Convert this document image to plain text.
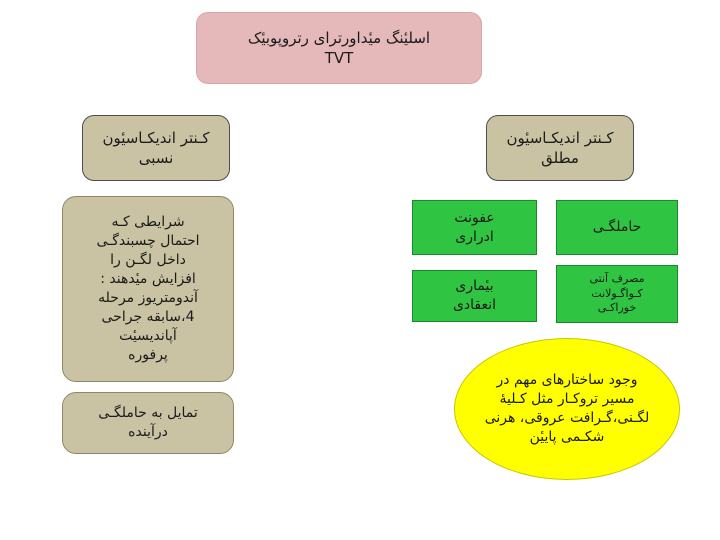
اسلیٔنگ میٔداورترای رتروپوبیٔک
TVT
کـنتر اندیکـاسیٔون
مطلق
کـنتر اندیکـاسیٔون
نسبی
شرایطی کـه
احتمال چسبندگـی
داخل لگـن را
افزایش میٔدهند :
آندومتریوز مرحله
4،سابقه جراحی
آپاندیسیٔت
پرفوره
تمایل به حاملگـی
درآینده
عفونت
ادراری
حاملگـی
بیٔماری
انعقادی
مصرف آنتی
کـواگـولانت
خوراکـی
وجود ساختارهای مهم در
مسیر تروکـار مثل کـلیهٔ
لگـنی،گـرافت عروقی، هرنی
شکـمی پاییٔن
